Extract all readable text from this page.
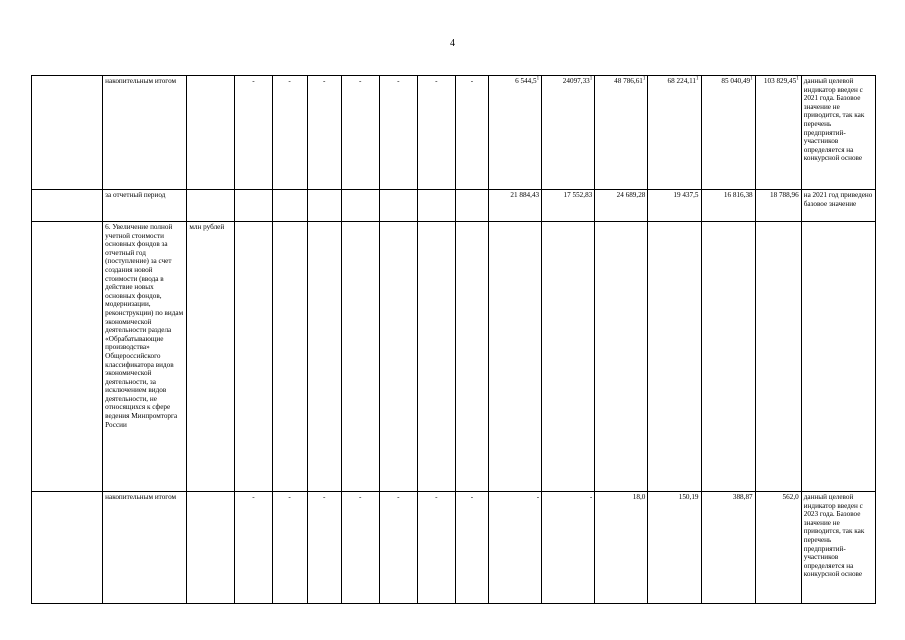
4
	накопительным итогом		-	-	-	-	-	-	-	6 544,5$^1$	24097,33$^1$	48 786,61$^1$	68 224,11$^1$	85 040,49$^1$	103 829,45$^1$	данный целевой индикатор введен с 2021 года. Базовое значение не приводится, так как перечень предприятий-участников определяется на конкурсной основе
	за отчетный период									21 884,43	17 552,83	24 689,28	19 437,5	16 816,38	18 788,96	на 2021 год приведено базовое значение
	6. Увеличение полной учетной стоимости основных фондов за отчетный год (поступление) за счет создания новой стоимости (ввода в действие новых основных фондов, модернизации, реконструкции) по видам экономической деятельности раздела «Обрабатывающие производства» Общероссийского классификатора видов экономической деятельности, за исключением видов деятельности, не относящихся к сфере ведения Минпромторга России	млн рублей														
	накопительным итогом		-	-	-	-	-	-	-	-	-	18,0	150,19	388,87	562,0	данный целевой индикатор введен с 2023 года. Базовое значение не приводится, так как перечень предприятий-участников определяется на конкурсной основе
